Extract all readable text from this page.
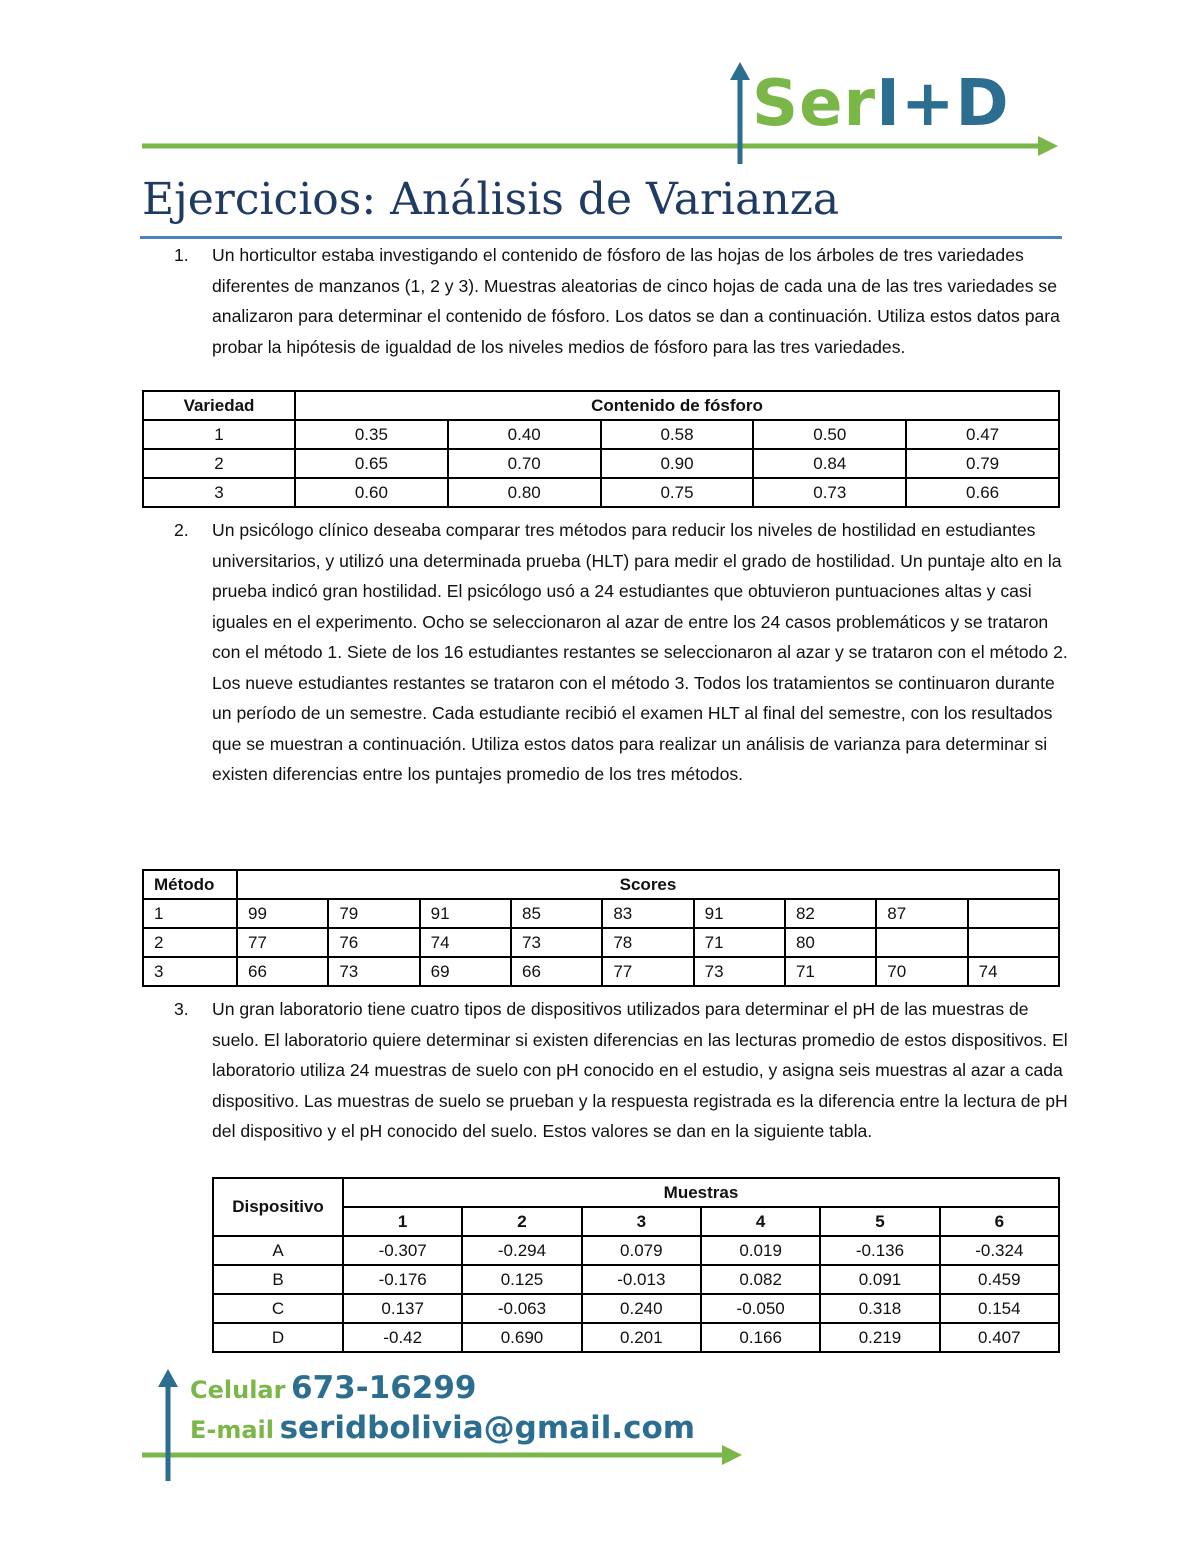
SerI+D
Ejercicios: Análisis de Varianza
1. Un horticultor estaba investigando el contenido de fósforo de las hojas de los árboles de tres variedades diferentes de manzanos (1, 2 y 3). Muestras aleatorias de cinco hojas de cada una de las tres variedades se analizaron para determinar el contenido de fósforo. Los datos se dan a continuación. Utiliza estos datos para probar la hipótesis de igualdad de los niveles medios de fósforo para las tres variedades.

Variedad	Contenido de fósforo				
1	0.35	0.40	0.58	0.50	0.47
2	0.65	0.70	0.90	0.84	0.79
3	0.60	0.80	0.75	0.73	0.66
2. Un psicólogo clínico deseaba comparar tres métodos para reducir los niveles de hostilidad en estudiantes universitarios, y utilizó una determinada prueba (HLT) para medir el grado de hostilidad. Un puntaje alto en la prueba indicó gran hostilidad. El psicólogo usó a 24 estudiantes que obtuvieron puntuaciones altas y casi iguales en el experimento. Ocho se seleccionaron al azar de entre los 24 casos problemáticos y se trataron con el método 1. Siete de los 16 estudiantes restantes se seleccionaron al azar y se trataron con el método 2. Los nueve estudiantes restantes se trataron con el método 3. Todos los tratamientos se continuaron durante un período de un semestre. Cada estudiante recibió el examen HLT al final del semestre, con los resultados que se muestran a continuación. Utiliza estos datos para realizar un análisis de varianza para determinar si existen diferencias entre los puntajes promedio de los tres métodos.

Método	Scores								
1	99	79	91	85	83	91	82	87	
2	77	76	74	73	78	71	80		
3	66	73	69	66	77	73	71	70	74
3. Un gran laboratorio tiene cuatro tipos de dispositivos utilizados para determinar el pH de las muestras de suelo. El laboratorio quiere determinar si existen diferencias en las lecturas promedio de estos dispositivos. El laboratorio utiliza 24 muestras de suelo con pH conocido en el estudio, y asigna seis muestras al azar a cada dispositivo. Las muestras de suelo se prueban y la respuesta registrada es la diferencia entre la lectura de pH del dispositivo y el pH conocido del suelo. Estos valores se dan en la siguiente tabla.

Dispositivo	Muestras					
	1	2	3	4	5	6
A	-0.307	-0.294	0.079	0.019	-0.136	-0.324
B	-0.176	0.125	-0.013	0.082	0.091	0.459
C	0.137	-0.063	0.240	-0.050	0.318	0.154
D	-0.42	0.690	0.201	0.166	0.219	0.407
Celular 673-16299
E-mail seridbolivia@gmail.com
